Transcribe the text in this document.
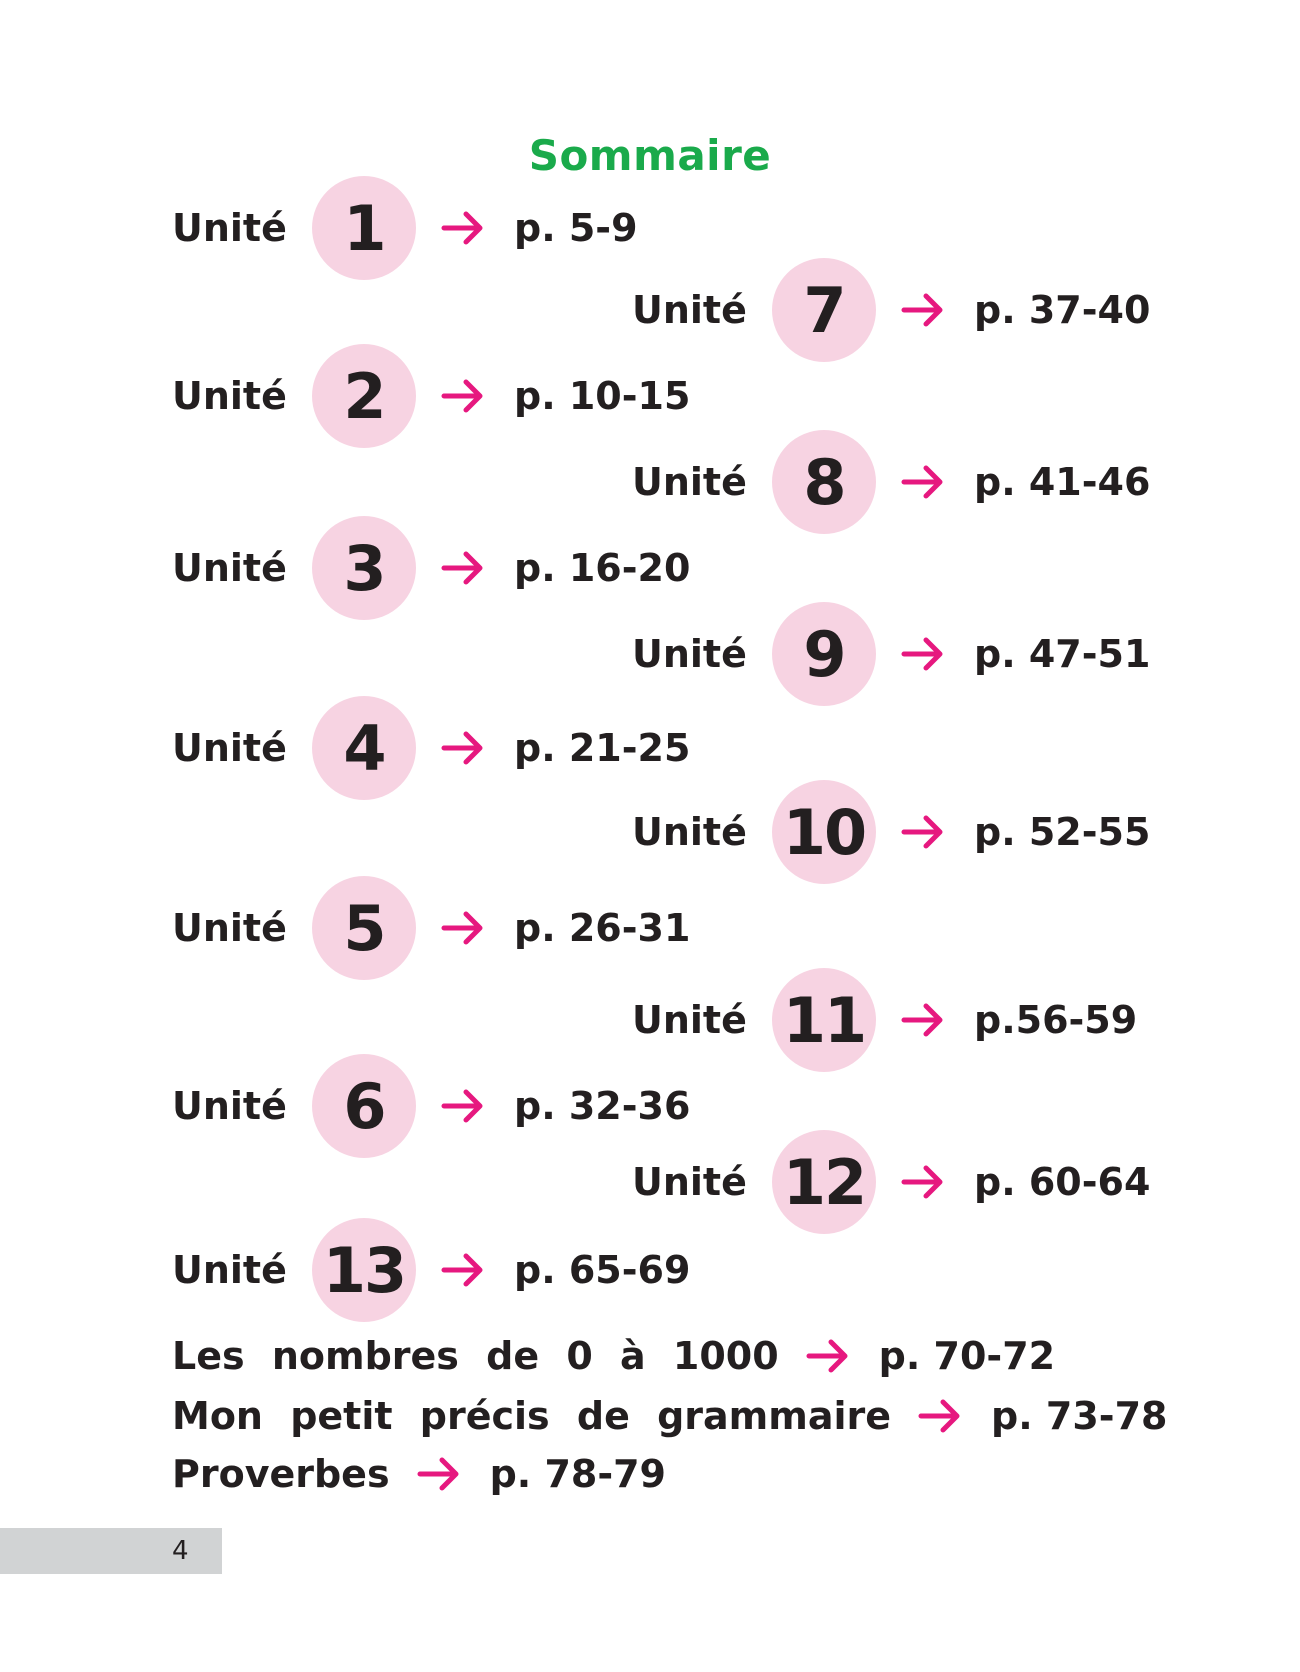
Sommaire
Unité 1	p. 5-9
Unité 7	p. 37-40
Unité 2	p. 10-15
Unité 8	p. 41-46
Unité 3	p. 16-20
Unité 9	p. 47-51
Unité 4	p. 21-25
Unité 10	p. 52-55
Unité 5	p. 26-31
Unité 11	p.56-59
Unité 6	p. 32-36
Unité 12	p. 60-64
Unité 13	p. 65-69
Les nombres de 0 à 1000	p. 70-72
Mon petit précis de grammaire	p. 73-78
Proverbes	p. 78-79
4
